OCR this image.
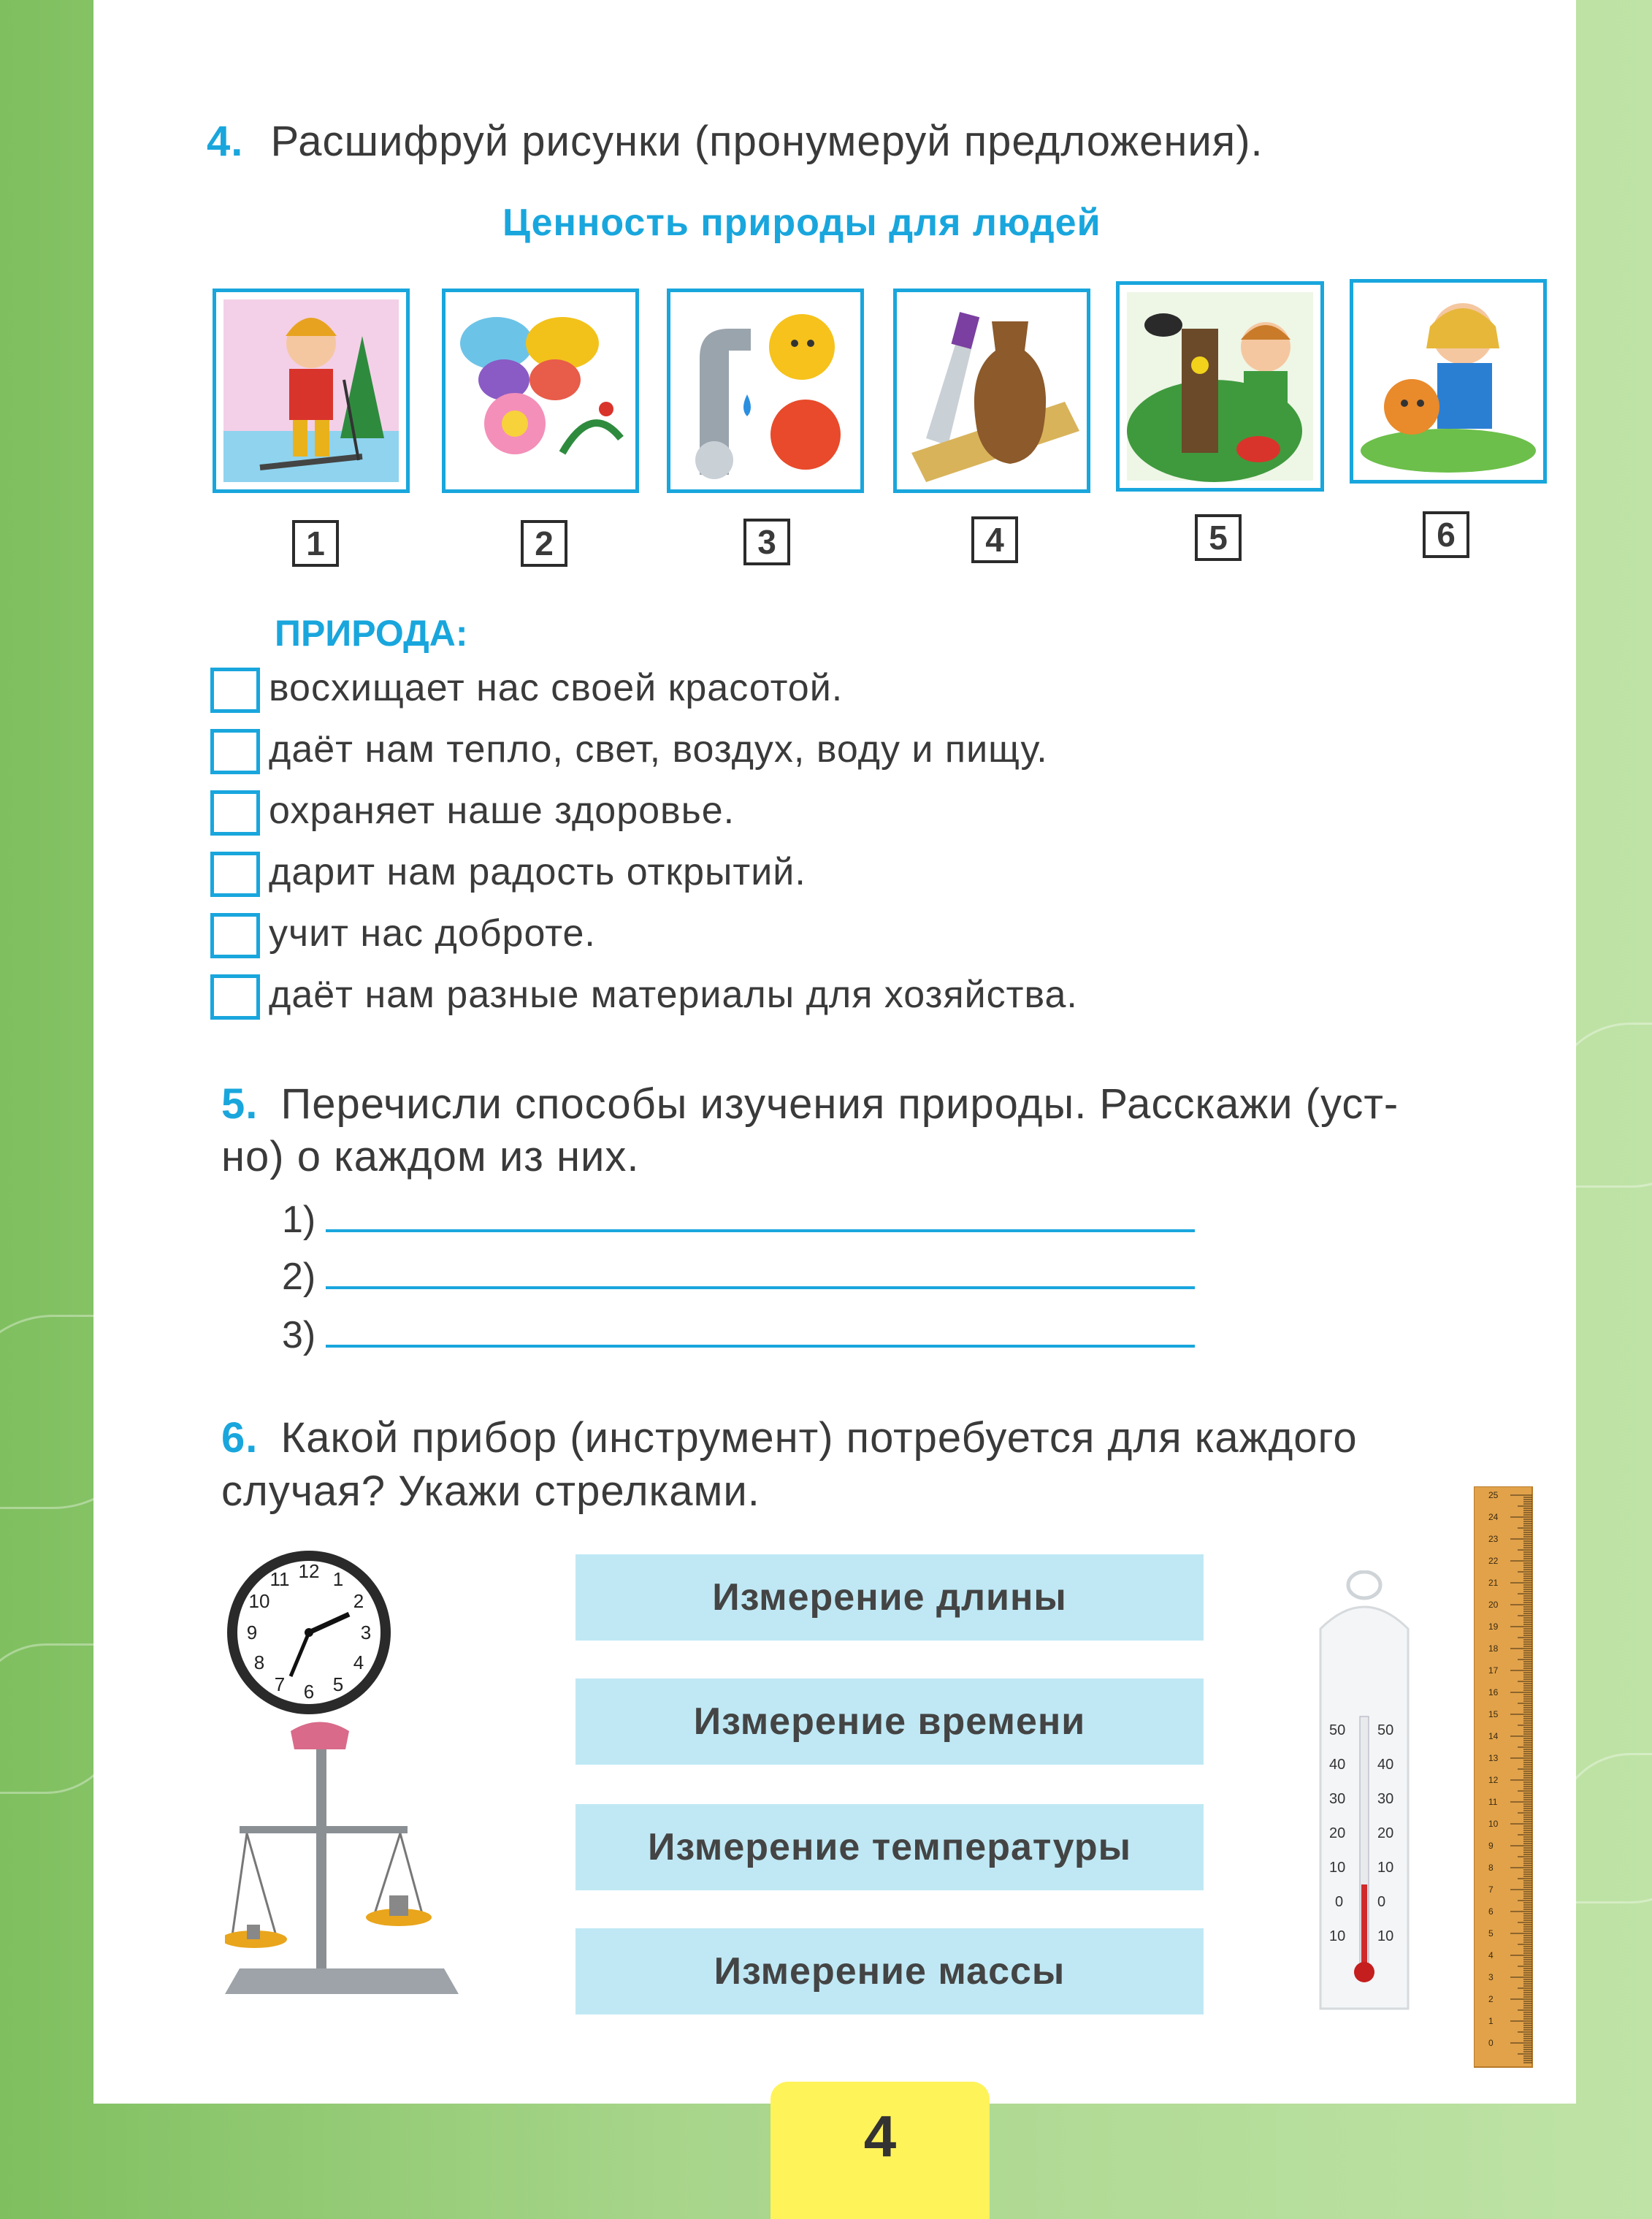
4. Расшифруй рисунки (пронумеруй предложения).
Ценность природы для людей
1	2	3	4	5	6
ПРИРОДА:
восхищает нас своей красотой.
даёт нам тепло, свет, воздух, воду и пищу.
охраняет наше здоровье.
дарит нам радость открытий.
учит нас доброте.
даёт нам разные материалы для хозяйства.
5. Перечисли способы изучения природы. Расскажи (уст-
но) о каждом из них.
1)
2)
3)
6. Какой прибор (инструмент) потребуется для каждого
случая? Укажи стрелками.
12 1
2
3
4
5
6
7
8
9
10
11	Измерение длины
Измерение времени
Измерение температуры
Измерение массы
50
40
30
20
10
0
10
50
40
30
20
10
0
10
25
24
23
22
21
20
19
18
17
16
15
14
13
12
11
10
9
8
7
6
5
4
3
2
1
0
4
